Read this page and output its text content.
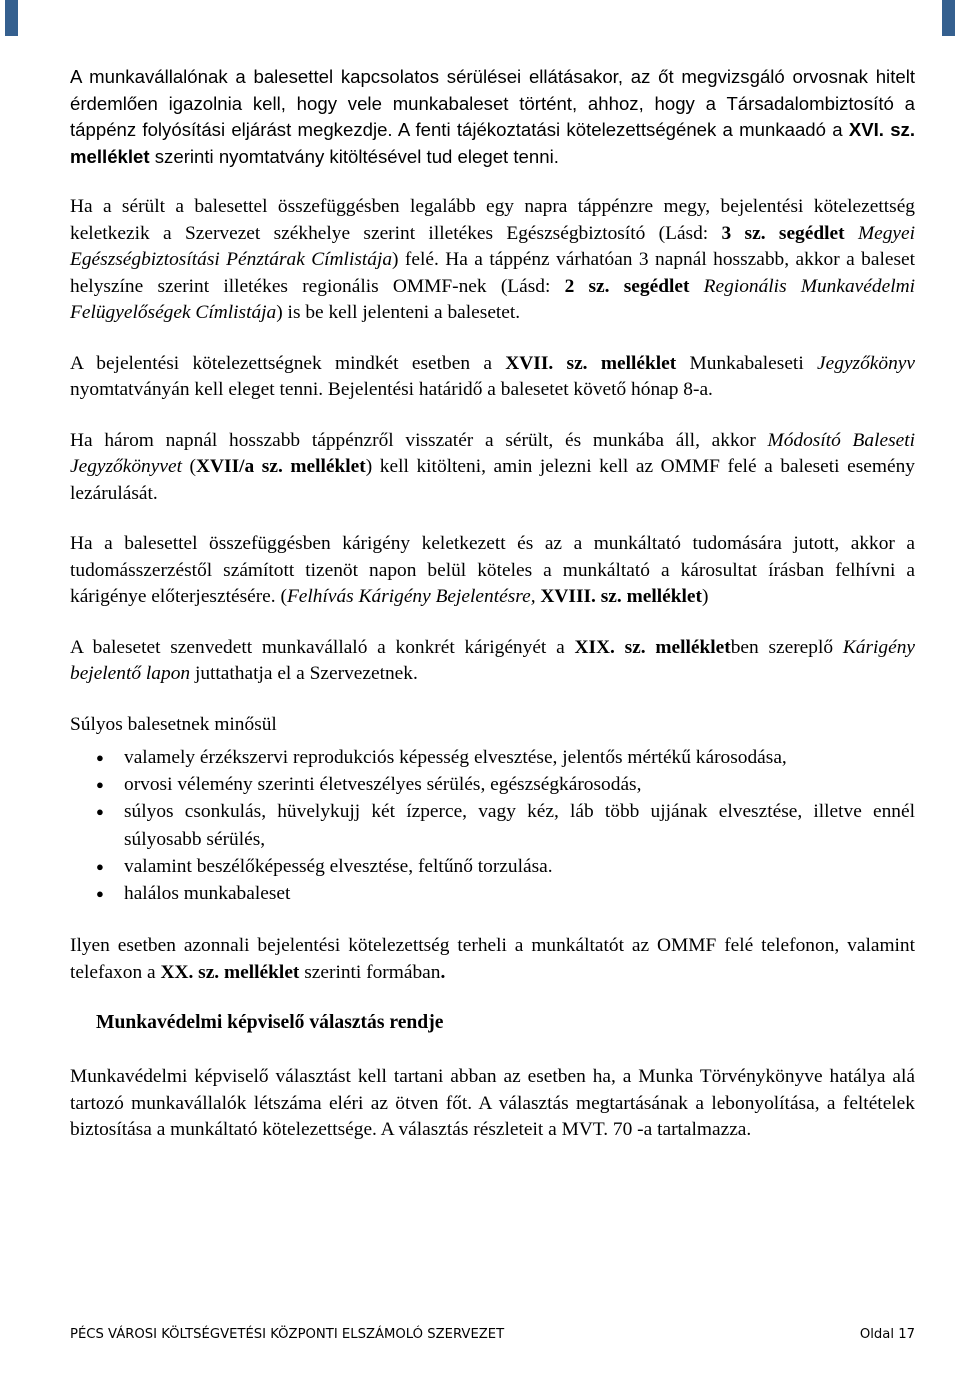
A munkavállalónak a balesettel kapcsolatos sérülései ellátásakor, az őt megvizsgáló orvosnak hitelt érdemlően igazolnia kell, hogy vele munkabaleset történt, ahhoz, hogy a Társadalombiztosító a táppénz folyósítási eljárást megkezdje. A fenti tájékoztatási kötelezettségének a munkaadó a XVI. sz. melléklet szerinti nyomtatvány kitöltésével tud eleget tenni.

Ha a sérült a balesettel összefüggésben legalább egy napra táppénzre megy, bejelentési kötelezettség keletkezik a Szervezet székhelye szerint illetékes Egészségbiztosító (Lásd: 3 sz. segédlet Megyei Egészségbiztosítási Pénztárak Címlistája) felé. Ha a táppénz várhatóan 3 napnál hosszabb, akkor a baleset helyszíne szerint illetékes regionális OMMF-nek (Lásd: 2 sz. segédlet Regionális Munkavédelmi Felügyelőségek Címlistája) is be kell jelenteni a balesetet.

A bejelentési kötelezettségnek mindkét esetben a XVII. sz. melléklet Munkabaleseti Jegyzőkönyv nyomtatványán kell eleget tenni. Bejelentési határidő a balesetet követő hónap 8-a.

Ha három napnál hosszabb táppénzről visszatér a sérült, és munkába áll, akkor Módosító Baleseti Jegyzőkönyvet (XVII/a sz. melléklet) kell kitölteni, amin jelezni kell az OMMF felé a baleseti esemény lezárulását.

Ha a balesettel összefüggésben kárigény keletkezett és az a munkáltató tudomására jutott, akkor a tudomásszerzéstől számított tizenöt napon belül köteles a munkáltató a károsultat írásban felhívni a kárigénye előterjesztésére. (Felhívás Kárigény Bejelentésre, XVIII. sz. melléklet)

A balesetet szenvedett munkavállaló a konkrét kárigényét a XIX. sz. mellékletben szereplő Kárigény bejelentő lapon juttathatja el a Szervezetnek.

Súlyos balesetnek minősül

● valamely érzékszervi reprodukciós képesség elvesztése, jelentős mértékű károsodása,
● orvosi vélemény szerinti életveszélyes sérülés, egészségkárosodás,
● súlyos csonkulás, hüvelykujj két ízperce, vagy kéz, láb több ujjának elvesztése, illetve ennél súlyosabb sérülés,
● valamint beszélőképesség elvesztése, feltűnő torzulása.
● halálos munkabaleset

Ilyen esetben azonnali bejelentési kötelezettség terheli a munkáltatót az OMMF felé telefonon, valamint telefaxon a XX. sz. melléklet szerinti formában.

Munkavédelmi képviselő választás rendje

Munkavédelmi képviselő választást kell tartani abban az esetben ha, a Munka Törvénykönyve hatálya alá tartozó munkavállalók létszáma eléri az ötven főt. A választás megtartásának a lebonyolítása, a feltételek biztosítása a munkáltató kötelezettsége. A választás részleteit a MVT. 70 -a tartalmazza.

PÉCS VÁROSI KÖLTSÉGVETÉSI KÖZPONTI ELSZÁMOLÓ SZERVEZET	Oldal 17
